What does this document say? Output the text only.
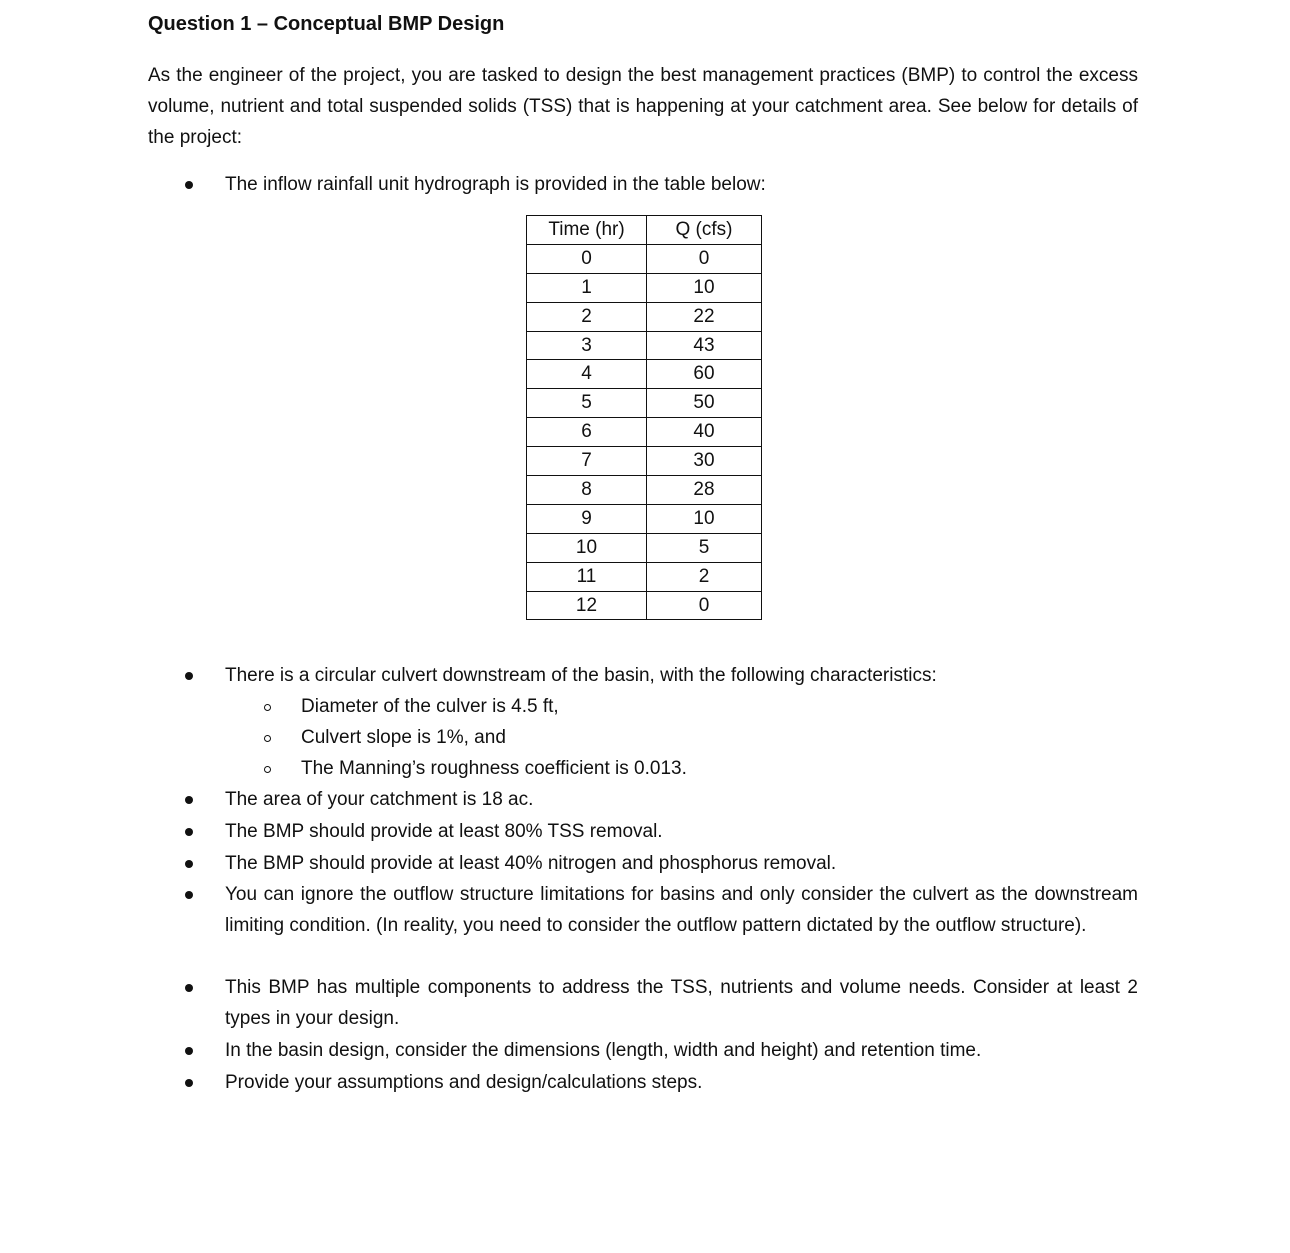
Question 1 – Conceptual BMP Design
As the engineer of the project, you are tasked to design the best management practices (BMP) to control the excess volume, nutrient and total suspended solids (TSS) that is happening at your catchment area. See below for details of the project:
The inflow rainfall unit hydrograph is provided in the table below:
Time (hr)	Q (cfs)
0	0
1	10
2	22
3	43
4	60
5	50
6	40
7	30
8	28
9	10
10	5
11	2
12	0
There is a circular culvert downstream of the basin, with the following characteristics:
Diameter of the culver is 4.5 ft,
Culvert slope is 1%, and
The Manning’s roughness coefficient is 0.013.
The area of your catchment is 18 ac.
The BMP should provide at least 80% TSS removal.
The BMP should provide at least 40% nitrogen and phosphorus removal.
You can ignore the outflow structure limitations for basins and only consider the culvert as the downstream limiting condition. (In reality, you need to consider the outflow pattern dictated by the outflow structure).
This BMP has multiple components to address the TSS, nutrients and volume needs. Consider at least 2 types in your design.
In the basin design, consider the dimensions (length, width and height) and retention time.
Provide your assumptions and design/calculations steps.
